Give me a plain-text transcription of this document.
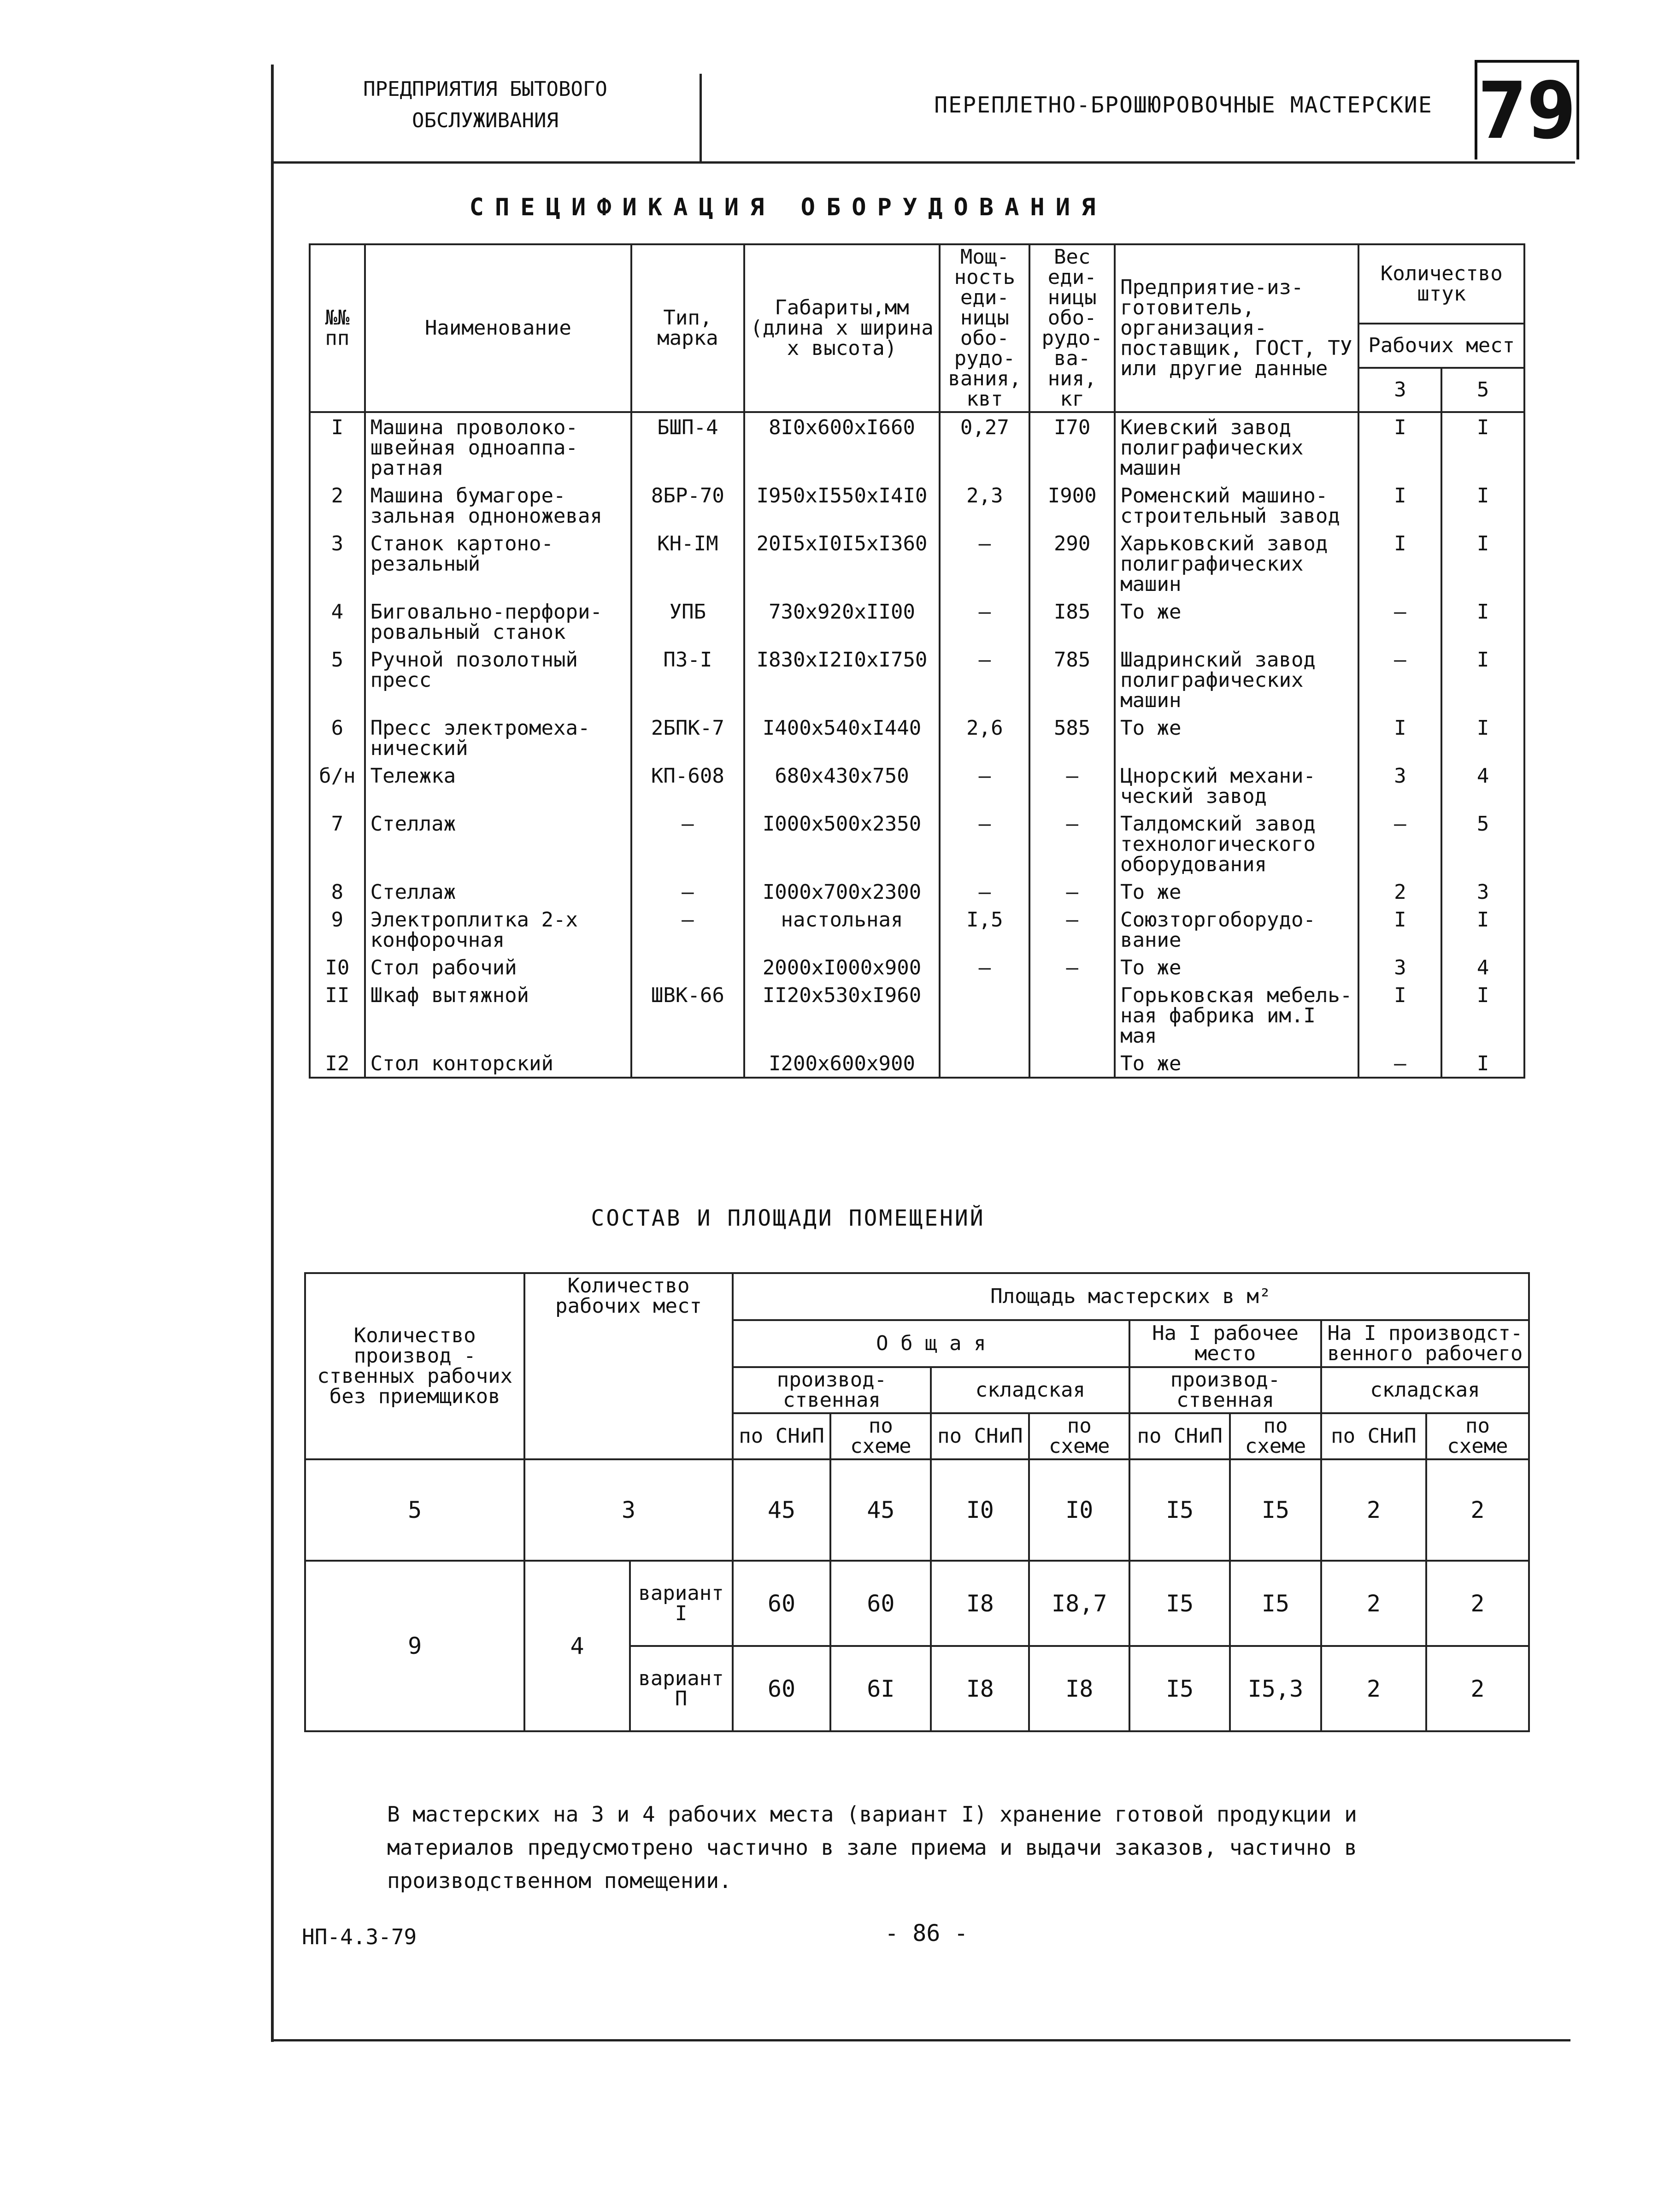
ПРЕДПРИЯТИЯ БЫТОВОГО
ОБСЛУЖИВАНИЯ
ПЕРЕПЛЕТНО-БРОШЮРОВОЧНЫЕ МАСТЕРСКИЕ 79
СПЕЦИФИКАЦИЯ ОБОРУДОВАНИЯ
№№ пп	Наименование	Тип, марка	Габариты,мм (длина х ширина х высота)	Мощ-ность еди-ницы обо-рудо-вания, квт	Вес еди-ницы обо-рудо-ва-ния, кг	Предприятие-из-готовитель, организация-поставщик, ГОСТ, ТУ или другие данные	Количество штук	
							Рабочих мест	
							3	5
I	Машина проволоко-швейная одноаппа-ратная	БШП-4	8I0x600xI660	0,27	I70	Киевский завод полиграфических машин	I	I
2	Машина бумагоре-зальная одноножевая	8БР-70	I950xI550xI4I0	2,3	I900	Роменский машино-строительный завод	I	I
3	Станок картоно-резальный	КН-IМ	20I5xI0I5xI360	–	290	Харьковский завод полиграфических машин	I	I
4	Биговально-перфори-ровальный станок	УПБ	730x920xII00	–	I85	То же	–	I
5	Ручной позолотный пресс	ПЗ-I	I830xI2I0xI750	–	785	Шадринский завод полиграфических машин	–	I
6	Пресс электромеха-нический	2БПК-7	I400x540xI440	2,6	585	То же	I	I
б/н	Тележка	КП-608	680x430x750	–	–	Цнорский механи-ческий завод	3	4
7	Стеллаж	–	I000x500x2350	–	–	Талдомский завод технологического оборудования	–	5
8	Стеллаж	–	I000x700x2300	–	–	То же	2	3
9	Электроплитка 2-х конфорочная	–	настольная	I,5	–	Союзторгоборудо-вание	I	I
I0	Стол рабочий		2000xI000x900	–	–	То же	3	4
II	Шкаф вытяжной	ШВК-66	II20x530xI960			Горьковская мебель-ная фабрика им.I мая	I	I
I2	Стол конторский		I200x600x900			То же	–	I
Количество производ - ственных рабочих без приемщиков	Количество рабочих мест		Площадь мастерских в м²							
			О б щ а я				На I рабочее место		На I производст-венного рабочего	
			производ-ственная		складская		производ-ственная		складская	
			по СНиП	по схеме	по СНиП	по схеме	по СНиП	по схеме	по СНиП	по схеме
5	3		45	45	I0	I0	I5	I5	2	2
9	4	вариант I	60	60	I8	I8,7	I5	I5	2	2
		вариант П	60	6I	I8	I8	I5	I5,3	2	2
СОСТАВ И ПЛОЩАДИ ПОМЕЩЕНИЙ
В мастерских на 3 и 4 рабочих места (вариант I) хранение готовой продукции и материалов предусмотрено частично в зале приема и выдачи заказов, частично в производственном помещении.
НП-4.3-79	- 86 -
